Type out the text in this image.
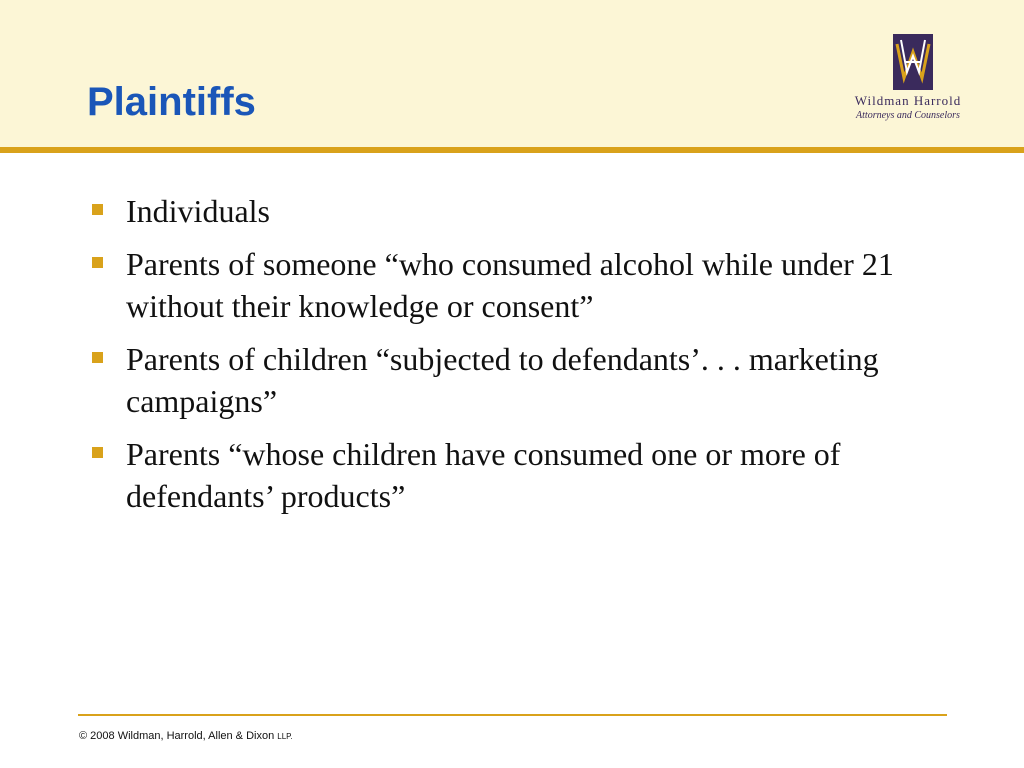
Plaintiffs	Wildman Harrold
Attorneys and Counselors
Individuals
Parents of someone “who consumed alcohol while under 21 without their knowledge or consent”
Parents of children “subjected to defendants’. . . marketing campaigns”
Parents “whose children have consumed one or more of defendants’ products”
© 2008 Wildman, Harrold, Allen & Dixon LLP.
